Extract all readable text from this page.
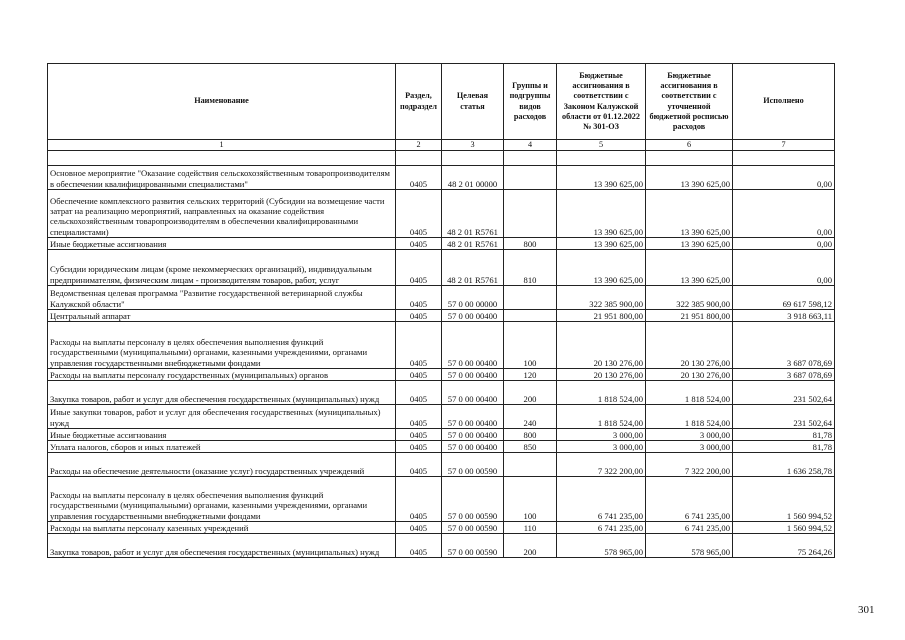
Наименование	Раздел, подраздел	Целевая статья	Группы и подгруппы видов расходов	Бюджетные ассигнования в соответствии с Законом Калужской области от 01.12.2022 № 301-ОЗ	Бюджетные ассигнования в соответствии с уточненной бюджетной росписью расходов	Исполнено
1	2	3	4	5	6	7

Основное мероприятие "Оказание содействия сельскохозяйственным товаропроизводителям в обеспечении квалифицированными специалистами"	0405	48 2 01 00000		13 390 625,00	13 390 625,00	0,00
Обеспечение комплексного развития сельских территорий (Субсидии на возмещение части затрат на реализацию мероприятий, направленных на оказание содействия сельскохозяйственным товаропроизводителям в обеспечении квалифицированными специалистами)	0405	48 2 01 R5761		13 390 625,00	13 390 625,00	0,00
Иные бюджетные ассигнования	0405	48 2 01 R5761	800	13 390 625,00	13 390 625,00	0,00
Субсидии юридическим лицам (кроме некоммерческих организаций), индивидуальным предпринимателям, физическим лицам - производителям товаров, работ, услуг	0405	48 2 01 R5761	810	13 390 625,00	13 390 625,00	0,00
Ведомственная целевая программа "Развитие государственной ветеринарной службы Калужской области"	0405	57 0 00 00000		322 385 900,00	322 385 900,00	69 617 598,12
Центральный аппарат	0405	57 0 00 00400		21 951 800,00	21 951 800,00	3 918 663,11
Расходы на выплаты персоналу в целях обеспечения выполнения функций государственными (муниципальными) органами, казенными учреждениями, органами управления государственными внебюджетными фондами	0405	57 0 00 00400	100	20 130 276,00	20 130 276,00	3 687 078,69
Расходы на выплаты персоналу государственных (муниципальных) органов	0405	57 0 00 00400	120	20 130 276,00	20 130 276,00	3 687 078,69
Закупка товаров, работ и услуг для обеспечения государственных (муниципальных) нужд	0405	57 0 00 00400	200	1 818 524,00	1 818 524,00	231 502,64
Иные закупки товаров, работ и услуг для обеспечения государственных (муниципальных) нужд	0405	57 0 00 00400	240	1 818 524,00	1 818 524,00	231 502,64
Иные бюджетные ассигнования	0405	57 0 00 00400	800	3 000,00	3 000,00	81,78
Уплата налогов, сборов и иных платежей	0405	57 0 00 00400	850	3 000,00	3 000,00	81,78
Расходы на обеспечение деятельности (оказание услуг) государственных учреждений	0405	57 0 00 00590		7 322 200,00	7 322 200,00	1 636 258,78
Расходы на выплаты персоналу в целях обеспечения выполнения функций государственными (муниципальными) органами, казенными учреждениями, органами управления государственными внебюджетными фондами	0405	57 0 00 00590	100	6 741 235,00	6 741 235,00	1 560 994,52
Расходы на выплаты персоналу казенных учреждений	0405	57 0 00 00590	110	6 741 235,00	6 741 235,00	1 560 994,52
Закупка товаров, работ и услуг для обеспечения государственных (муниципальных) нужд	0405	57 0 00 00590	200	578 965,00	578 965,00	75 264,26
301
